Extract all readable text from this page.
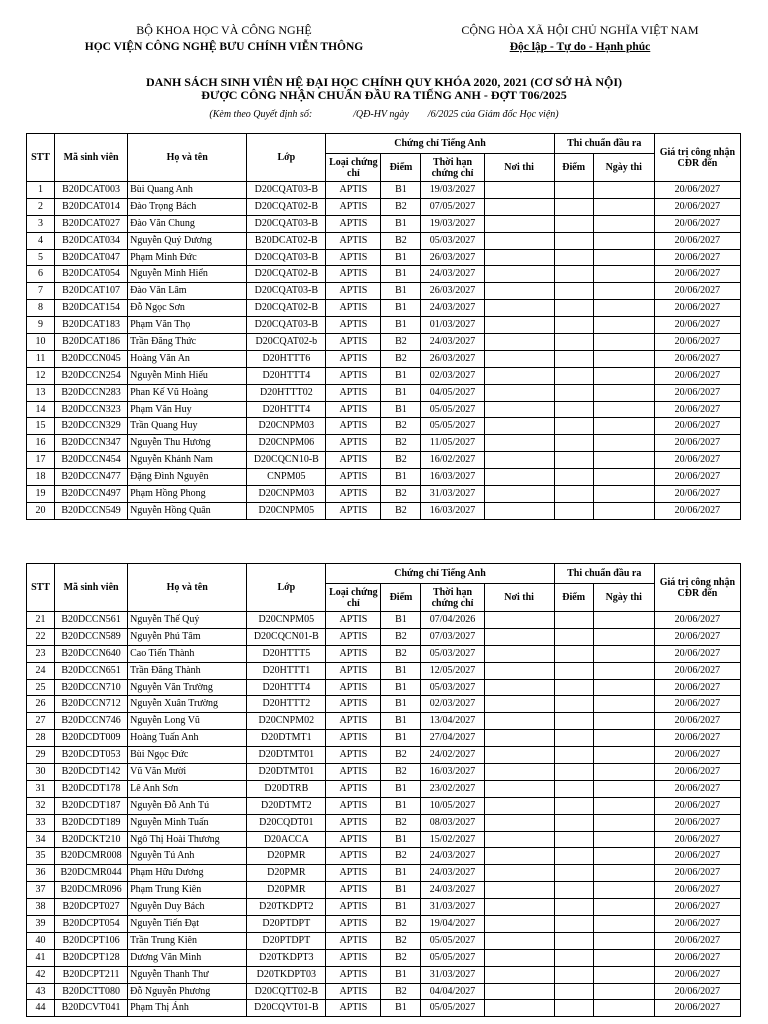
BỘ KHOA HỌC VÀ CÔNG NGHỆ
HỌC VIỆN CÔNG NGHỆ BƯU CHÍNH VIỄN THÔNG
CỘNG HÒA XÃ HỘI CHỦ NGHĨA VIỆT NAM
Độc lập - Tự do - Hạnh phúc
DANH SÁCH SINH VIÊN HỆ ĐẠI HỌC CHÍNH QUY KHÓA 2020, 2021 (CƠ SỞ HÀ NỘI)
ĐƯỢC CÔNG NHẬN CHUẨN ĐẦU RA TIẾNG ANH - ĐỢT T06/2025
(Kèm theo Quyết định số:	/QĐ-HV ngày /6/2025 của Giám đốc Học viện)
STT	Mã sinh viên	Họ và tên	Lớp	Chứng chỉ Tiếng Anh				Thi chuẩn đầu ra		Giá trị công nhận CĐR đến
				Loại chứng chỉ	Điểm	Thời hạn chứng chỉ	Nơi thi	Điểm	Ngày thi	
1	B20DCAT003	Bùi Quang Anh	D20CQAT03-B	APTIS	B1	19/03/2027				20/06/2027
2	B20DCAT014	Đào Trọng Bách	D20CQAT02-B	APTIS	B2	07/05/2027				20/06/2027
3	B20DCAT027	Đào Văn Chung	D20CQAT03-B	APTIS	B1	19/03/2027				20/06/2027
4	B20DCAT034	Nguyễn Quý Dương	B20DCAT02-B	APTIS	B2	05/03/2027				20/06/2027
5	B20DCAT047	Phạm Minh Đức	D20CQAT03-B	APTIS	B1	26/03/2027				20/06/2027
6	B20DCAT054	Nguyễn Minh Hiển	D20CQAT02-B	APTIS	B1	24/03/2027				20/06/2027
7	B20DCAT107	Đào Văn Lâm	D20CQAT03-B	APTIS	B1	26/03/2027				20/06/2027
8	B20DCAT154	Đỗ Ngọc Sơn	D20CQAT02-B	APTIS	B1	24/03/2027				20/06/2027
9	B20DCAT183	Phạm Văn Thọ	D20CQAT03-B	APTIS	B1	01/03/2027				20/06/2027
10	B20DCAT186	Trần Đăng Thức	D20CQAT02-b	APTIS	B2	24/03/2027				20/06/2027
11	B20DCCN045	Hoàng Văn An	D20HTTT6	APTIS	B2	26/03/2027				20/06/2027
12	B20DCCN254	Nguyễn Minh Hiếu	D20HTTT4	APTIS	B1	02/03/2027				20/06/2027
13	B20DCCN283	Phan Kế Vũ Hoàng	D20HTTT02	APTIS	B1	04/05/2027				20/06/2027
14	B20DCCN323	Phạm Văn Huy	D20HTTT4	APTIS	B1	05/05/2027				20/06/2027
15	B20DCCN329	Trần Quang Huy	D20CNPM03	APTIS	B2	05/05/2027				20/06/2027
16	B20DCCN347	Nguyễn Thu Hương	D20CNPM06	APTIS	B2	11/05/2027				20/06/2027
17	B20DCCN454	Nguyễn Khánh Nam	D20CQCN10-B	APTIS	B2	16/02/2027				20/06/2027
18	B20DCCN477	Đặng Đình Nguyên	CNPM05	APTIS	B1	16/03/2027				20/06/2027
19	B20DCCN497	Phạm Hồng Phong	D20CNPM03	APTIS	B2	31/03/2027				20/06/2027
20	B20DCCN549	Nguyễn Hồng Quân	D20CNPM05	APTIS	B2	16/03/2027				20/06/2027
STT	Mã sinh viên	Họ và tên	Lớp	Chứng chỉ Tiếng Anh				Thi chuẩn đầu ra		Giá trị công nhận CĐR đến
				Loại chứng chỉ	Điểm	Thời hạn chứng chỉ	Nơi thi	Điểm	Ngày thi	
21	B20DCCN561	Nguyễn Thế Quý	D20CNPM05	APTIS	B1	07/04/2026				20/06/2027
22	B20DCCN589	Nguyễn Phú Tâm	D20CQCN01-B	APTIS	B2	07/03/2027				20/06/2027
23	B20DCCN640	Cao Tiến Thành	D20HTTT5	APTIS	B2	05/03/2027				20/06/2027
24	B20DCCN651	Trần Đăng Thành	D20HTTT1	APTIS	B1	12/05/2027				20/06/2027
25	B20DCCN710	Nguyễn Văn Trường	D20HTTT4	APTIS	B1	05/03/2027				20/06/2027
26	B20DCCN712	Nguyễn Xuân Trường	D20HTTT2	APTIS	B1	02/03/2027				20/06/2027
27	B20DCCN746	Nguyễn Long Vũ	D20CNPM02	APTIS	B1	13/04/2027				20/06/2027
28	B20DCDT009	Hoàng Tuấn Anh	D20DTMT1	APTIS	B1	27/04/2027				20/06/2027
29	B20DCDT053	Bùi Ngọc Đức	D20DTMT01	APTIS	B2	24/02/2027				20/06/2027
30	B20DCDT142	Vũ Văn Mười	D20DTMT01	APTIS	B2	16/03/2027				20/06/2027
31	B20DCDT178	Lê Anh Sơn	D20DTRB	APTIS	B1	23/02/2027				20/06/2027
32	B20DCDT187	Nguyễn Đỗ Anh Tú	D20DTMT2	APTIS	B1	10/05/2027				20/06/2027
33	B20DCDT189	Nguyễn Minh Tuấn	D20CQDT01	APTIS	B2	08/03/2027				20/06/2027
34	B20DCKT210	Ngô Thị Hoài Thương	D20ACCA	APTIS	B1	15/02/2027				20/06/2027
35	B20DCMR008	Nguyễn Tú Anh	D20PMR	APTIS	B2	24/03/2027				20/06/2027
36	B20DCMR044	Phạm Hữu Dương	D20PMR	APTIS	B1	24/03/2027				20/06/2027
37	B20DCMR096	Phạm Trung Kiên	D20PMR	APTIS	B1	24/03/2027				20/06/2027
38	B20DCPT027	Nguyễn Duy Bách	D20TKDPT2	APTIS	B1	31/03/2027				20/06/2027
39	B20DCPT054	Nguyễn Tiến Đạt	D20PTDPT	APTIS	B2	19/04/2027				20/06/2027
40	B20DCPT106	Trần Trung Kiên	D20PTDPT	APTIS	B2	05/05/2027				20/06/2027
41	B20DCPT128	Dương Văn Minh	D20TKDPT3	APTIS	B2	05/05/2027				20/06/2027
42	B20DCPT211	Nguyễn Thanh Thư	D20TKDPT03	APTIS	B1	31/03/2027				20/06/2027
43	B20DCTT080	Đỗ Nguyễn Phương	D20CQTT02-B	APTIS	B2	04/04/2027				20/06/2027
44	B20DCVT041	Phạm Thị Ánh	D20CQVT01-B	APTIS	B1	05/05/2027				20/06/2027
